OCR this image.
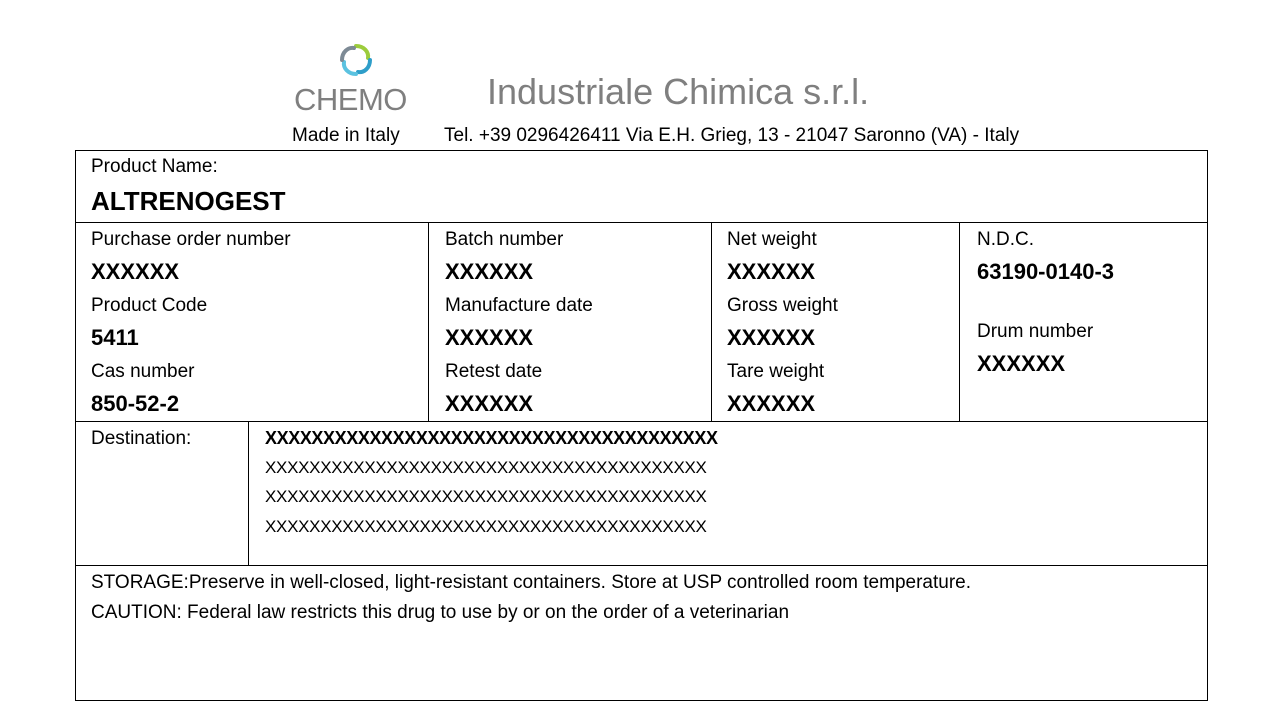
CHEMO Industriale Chimica s.r.l.
Made in Italy Tel. +39 0296426411 Via E.H. Grieg, 13 - 21047 Saronno (VA) - Italy
Product Name:
ALTRENOGEST
Purchase order number
XXXXXX
Product Code
5411
Cas number
850-52-2
Batch number
XXXXXX
Manufacture date
XXXXXX
Retest date
XXXXXX
Net weight
XXXXXX
Gross weight
XXXXXX
Tare weight
XXXXXX
N.D.C.
63190-0140-3
Drum number
XXXXXX
Destination:	XXXXXXXXXXXXXXXXXXXXXXXXXXXXXXXXXXXXXXX
XXXXXXXXXXXXXXXXXXXXXXXXXXXXXXXXXXXXXXXX
XXXXXXXXXXXXXXXXXXXXXXXXXXXXXXXXXXXXXXXX
XXXXXXXXXXXXXXXXXXXXXXXXXXXXXXXXXXXXXXXX
STORAGE:Preserve in well-closed, light-resistant containers. Store at USP controlled room temperature.
CAUTION: Federal law restricts this drug to use by or on the order of a veterinarian
